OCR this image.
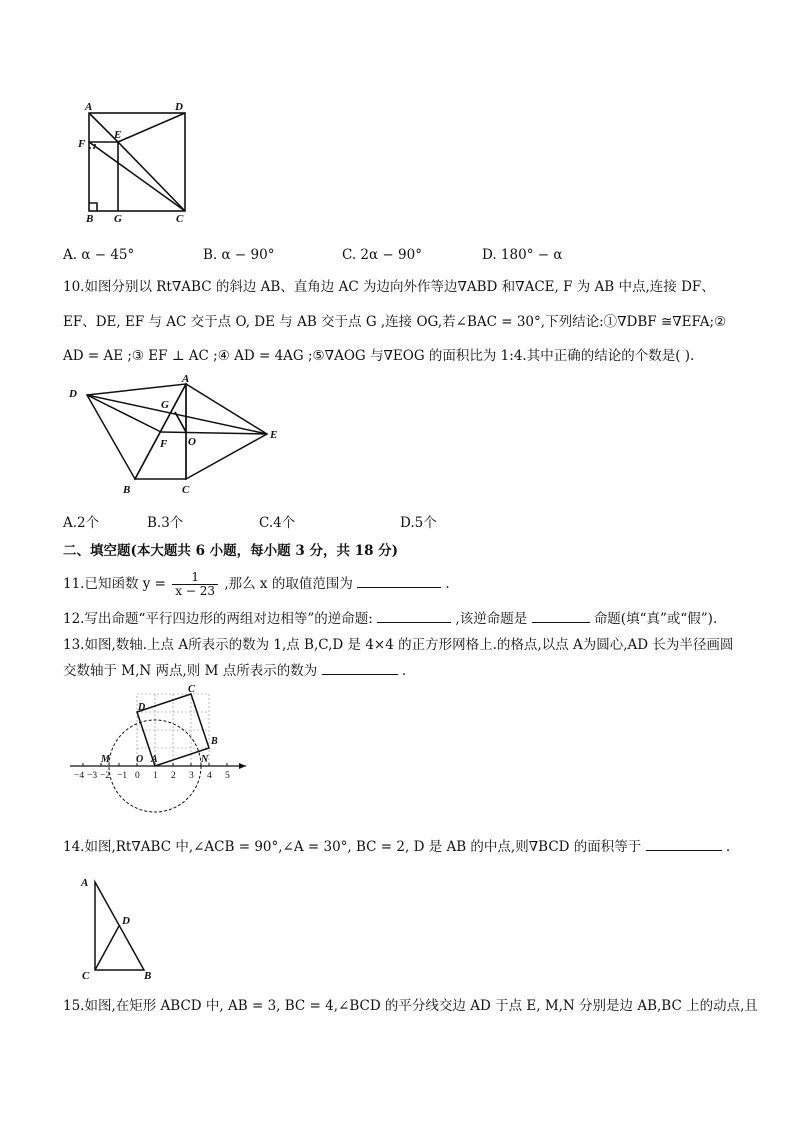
A	D
E
F
B G	C
A. α − 45°	B. α − 90°	C. 2α − 90°	D. 180° − α
10.如图分别以 Rt∇ABC 的斜边 AB、直角边 AC 为边向外作等边∇ABD 和∇ACE, F 为 AB 中点,连接 DF、
EF、DE, EF 与 AC 交于点 O, DE 与 AB 交于点 G ,连接 OG,若∠BAC = 30°,下列结论:①∇DBF ≅∇EFA;②
AD = AE ;③ EF ⊥ AC ;④ AD = 4AG ;⑤∇AOG 与∇EOG 的面积比为 1:4.其中正确的结论的个数是( ).
D
A
G
E
F O
B	C
A.2个	B.3个	C.4个	D.5个
二、填空题(本大题共 6 小题，每小题 3 分，共 18 分)
11.已知函数 $y = \frac{1}{x - 23}$ ,那么 x 的取值范围为	.
12.写出命题“平行四边形的两组对边相等”的逆命题:	,该逆命题是	命题(填“真”或“假”).
13.如图,数轴.上点 A所表示的数为 1,点 B,C,D 是 4×4 的正方形网格上.的格点,以点 A为圆心,AD 长为半径画圆
交数轴于 M,N 两点,则 M 点所表示的数为	.
−4 −3 −2 −1 0 1 2 3 4 5
C
D
B
M	O A	N
14.如图,Rt∇ABC 中,∠ACB = 90°,∠A = 30°, BC = 2, D 是 AB 的中点,则∇BCD 的面积等于	.
A
D
C	B
15.如图,在矩形 ABCD 中, AB = 3, BC = 4,∠BCD 的平分线交边 AD 于点 E, M,N 分别是边 AB,BC 上的动点,且
